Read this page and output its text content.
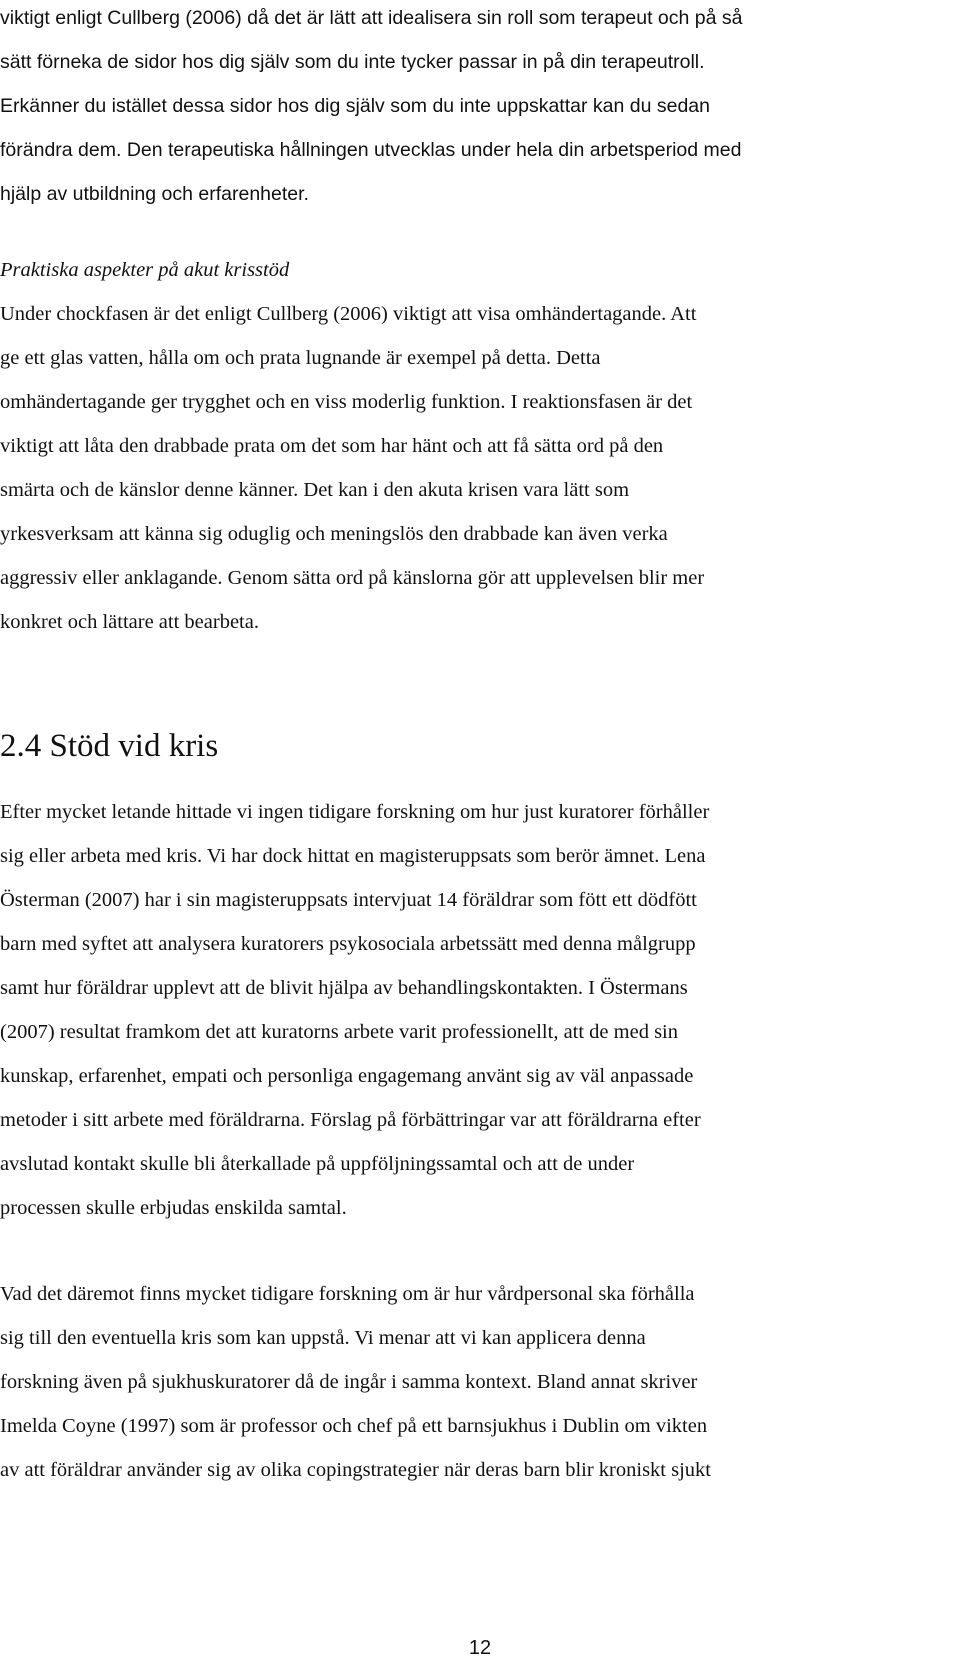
viktigt enligt Cullberg (2006) då det är lätt att idealisera sin roll som terapeut och på så
sätt förneka de sidor hos dig själv som du inte tycker passar in på din terapeutroll.
Erkänner du istället dessa sidor hos dig själv som du inte uppskattar kan du sedan
förändra dem. Den terapeutiska hållningen utvecklas under hela din arbetsperiod med
hjälp av utbildning och erfarenheter.

Praktiska aspekter på akut krisstöd

Under chockfasen är det enligt Cullberg (2006) viktigt att visa omhändertagande. Att
ge ett glas vatten, hålla om och prata lugnande är exempel på detta. Detta
omhändertagande ger trygghet och en viss moderlig funktion. I reaktionsfasen är det
viktigt att låta den drabbade prata om det som har hänt och att få sätta ord på den
smärta och de känslor denne känner. Det kan i den akuta krisen vara lätt som
yrkesverksam att känna sig oduglig och meningslös den drabbade kan även verka
aggressiv eller anklagande. Genom sätta ord på känslorna gör att upplevelsen blir mer
konkret och lättare att bearbeta.

2.4 Stöd vid kris

Efter mycket letande hittade vi ingen tidigare forskning om hur just kuratorer förhåller
sig eller arbeta med kris. Vi har dock hittat en magisteruppsats som berör ämnet. Lena
Österman (2007) har i sin magisteruppsats intervjuat 14 föräldrar som fött ett dödfött
barn med syftet att analysera kuratorers psykosociala arbetssätt med denna målgrupp
samt hur föräldrar upplevt att de blivit hjälpa av behandlingskontakten. I Östermans
(2007) resultat framkom det att kuratorns arbete varit professionellt, att de med sin
kunskap, erfarenhet, empati och personliga engagemang använt sig av väl anpassade
metoder i sitt arbete med föräldrarna. Förslag på förbättringar var att föräldrarna efter
avslutad kontakt skulle bli återkallade på uppföljningssamtal och att de under
processen skulle erbjudas enskilda samtal.

Vad det däremot finns mycket tidigare forskning om är hur vårdpersonal ska förhålla
sig till den eventuella kris som kan uppstå. Vi menar att vi kan applicera denna
forskning även på sjukhuskuratorer då de ingår i samma kontext. Bland annat skriver
Imelda Coyne (1997) som är professor och chef på ett barnsjukhus i Dublin om vikten
av att föräldrar använder sig av olika copingstrategier när deras barn blir kroniskt sjukt

12
